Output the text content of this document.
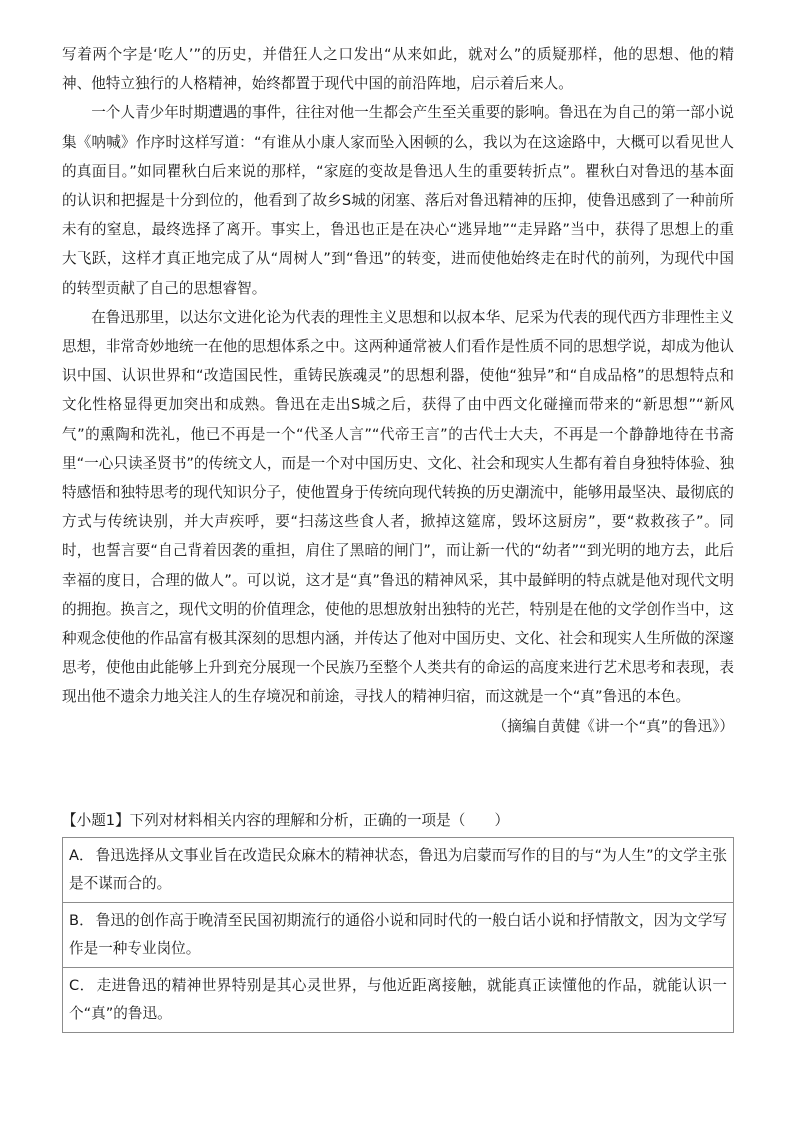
写着两个字是‘吃人’”的历史，并借狂人之口发出“从来如此，就对么”的质疑那样，他的思想、他的精神、他特立独行的人格精神，始终都置于现代中国的前沿阵地，启示着后来人。

一个人青少年时期遭遇的事件，往往对他一生都会产生至关重要的影响。鲁迅在为自己的第一部小说集《呐喊》作序时这样写道：“有谁从小康人家而坠入困顿的么，我以为在这途路中，大概可以看见世人的真面目。”如同瞿秋白后来说的那样，“家庭的变故是鲁迅人生的重要转折点”。瞿秋白对鲁迅的基本面的认识和把握是十分到位的，他看到了故乡S城的闭塞、落后对鲁迅精神的压抑，使鲁迅感到了一种前所未有的窒息，最终选择了离开。事实上，鲁迅也正是在决心“逃异地”“走异路”当中，获得了思想上的重大飞跃，这样才真正地完成了从“周树人”到“鲁迅”的转变，进而使他始终走在时代的前列，为现代中国的转型贡献了自己的思想睿智。

在鲁迅那里，以达尔文进化论为代表的理性主义思想和以叔本华、尼采为代表的现代西方非理性主义思想，非常奇妙地统一在他的思想体系之中。这两种通常被人们看作是性质不同的思想学说，却成为他认识中国、认识世界和“改造国民性，重铸民族魂灵”的思想利器，使他“独异”和“自成品格”的思想特点和文化性格显得更加突出和成熟。鲁迅在走出S城之后，获得了由中西文化碰撞而带来的“新思想”“新风气”的熏陶和洗礼，他已不再是一个“代圣人言”“代帝王言”的古代士大夫，不再是一个静静地待在书斋里“一心只读圣贤书”的传统文人，而是一个对中国历史、文化、社会和现实人生都有着自身独特体验、独特感悟和独特思考的现代知识分子，使他置身于传统向现代转换的历史潮流中，能够用最坚决、最彻底的方式与传统诀别，并大声疾呼，要“扫荡这些食人者，掀掉这筵席，毁坏这厨房”，要“救救孩子”。同时，也誓言要“自己背着因袭的重担，肩住了黑暗的闸门”，而让新一代的“幼者”“到光明的地方去，此后幸福的度日，合理的做人”。可以说，这才是“真”鲁迅的精神风采，其中最鲜明的特点就是他对现代文明的拥抱。换言之，现代文明的价值理念，使他的思想放射出独特的光芒，特别是在他的文学创作当中，这种观念使他的作品富有极其深刻的思想内涵，并传达了他对中国历史、文化、社会和现实人生所做的深邃思考，使他由此能够上升到充分展现一个民族乃至整个人类共有的命运的高度来进行艺术思考和表现，表现出他不遗余力地关注人的生存境况和前途，寻找人的精神归宿，而这就是一个“真”鲁迅的本色。

（摘编自黄健《讲一个“真”的鲁迅》）

【小题1】下列对材料相关内容的理解和分析，正确的一项是（　　）

A． 鲁迅选择从文事业旨在改造民众麻木的精神状态，鲁迅为启蒙而写作的目的与“为人生”的文学主张是不谋而合的。
B． 鲁迅的创作高于晚清至民国初期流行的通俗小说和同时代的一般白话小说和抒情散文，因为文学写作是一种专业岗位。
C． 走进鲁迅的精神世界特别是其心灵世界，与他近距离接触，就能真正读懂他的作品，就能认识一个“真”的鲁迅。
